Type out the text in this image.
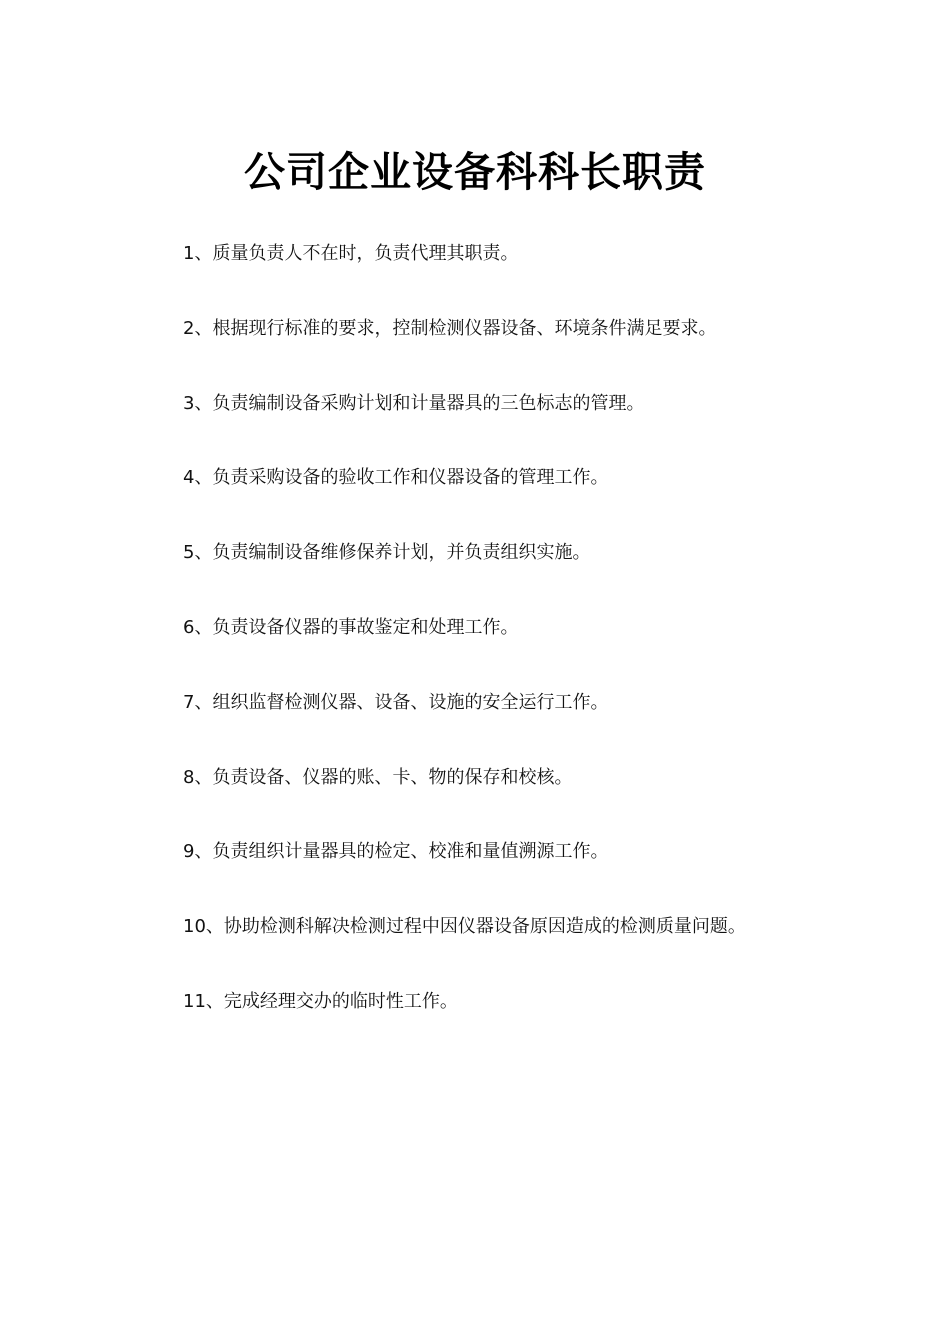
公司企业设备科科长职责
1、质量负责人不在时，负责代理其职责。
2、根据现行标准的要求，控制检测仪器设备、环境条件满足要求。
3、负责编制设备采购计划和计量器具的三色标志的管理。
4、负责采购设备的验收工作和仪器设备的管理工作。
5、负责编制设备维修保养计划，并负责组织实施。
6、负责设备仪器的事故鉴定和处理工作。
7、组织监督检测仪器、设备、设施的安全运行工作。
8、负责设备、仪器的账、卡、物的保存和校核。
9、负责组织计量器具的检定、校准和量值溯源工作。
10、协助检测科解决检测过程中因仪器设备原因造成的检测质量问题。
11、完成经理交办的临时性工作。
